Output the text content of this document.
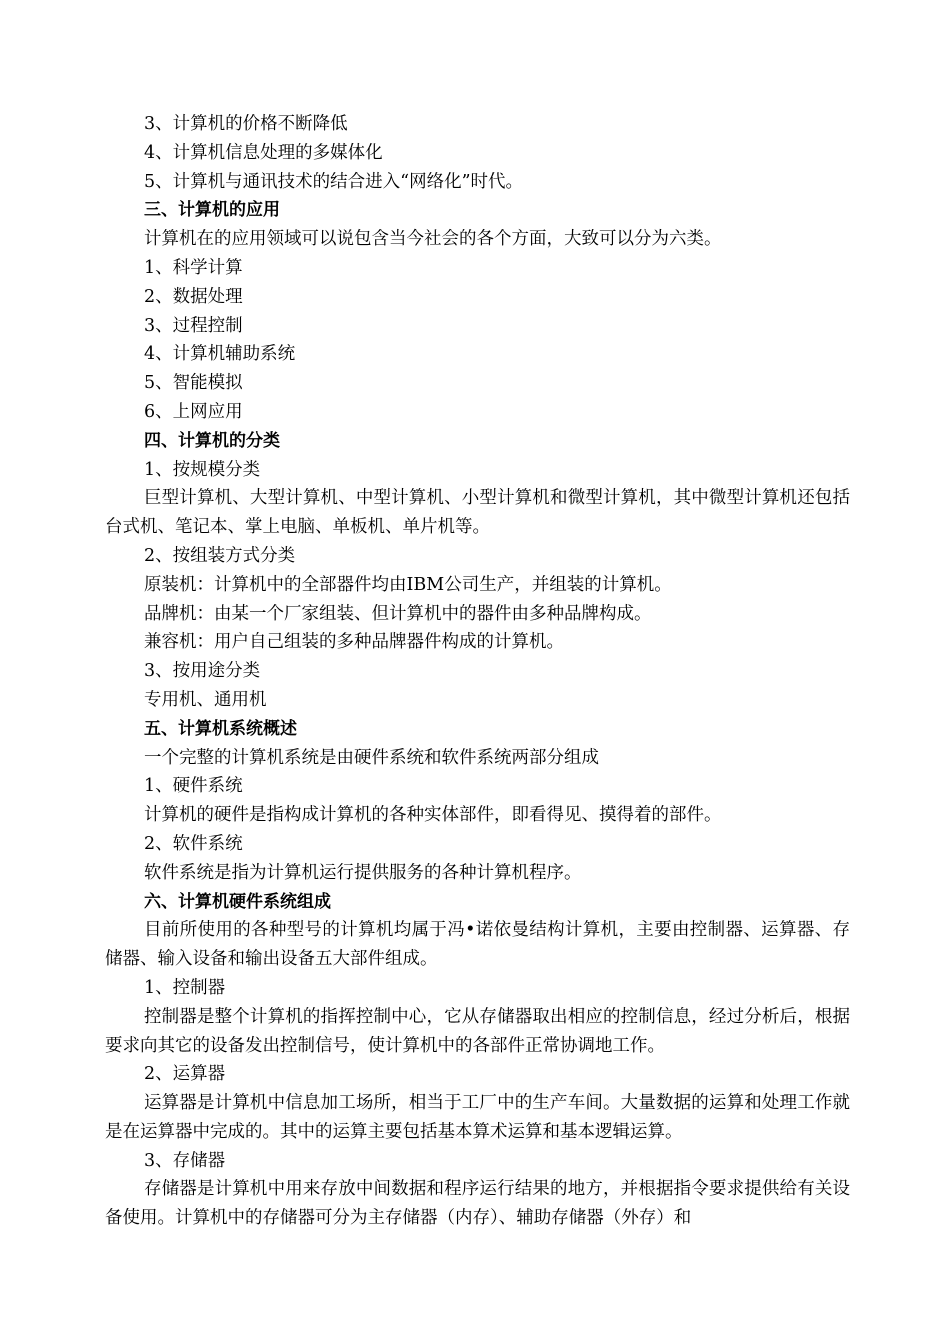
3、计算机的价格不断降低

4、计算机信息处理的多媒体化

5、计算机与通讯技术的结合进入“网络化”时代。

三、计算机的应用

计算机在的应用领域可以说包含当今社会的各个方面，大致可以分为六类。

1、科学计算

2、数据处理

3、过程控制

4、计算机辅助系统

5、智能模拟

6、上网应用

四、计算机的分类

1、按规模分类

巨型计算机、大型计算机、中型计算机、小型计算机和微型计算机，其中微型计算机还包括台式机、笔记本、掌上电脑、单板机、单片机等。

2、按组装方式分类

原装机：计算机中的全部器件均由IBM公司生产，并组装的计算机。

品牌机：由某一个厂家组装、但计算机中的器件由多种品牌构成。

兼容机：用户自己组装的多种品牌器件构成的计算机。

3、按用途分类

专用机、通用机

五、计算机系统概述

一个完整的计算机系统是由硬件系统和软件系统两部分组成

1、硬件系统

计算机的硬件是指构成计算机的各种实体部件，即看得见、摸得着的部件。

2、软件系统

软件系统是指为计算机运行提供服务的各种计算机程序。

六、计算机硬件系统组成

目前所使用的各种型号的计算机均属于冯•诺依曼结构计算机，主要由控制器、运算器、存储器、输入设备和输出设备五大部件组成。

1、控制器

控制器是整个计算机的指挥控制中心，它从存储器取出相应的控制信息，经过分析后，根据要求向其它的设备发出控制信号，使计算机中的各部件正常协调地工作。

2、运算器

运算器是计算机中信息加工场所，相当于工厂中的生产车间。大量数据的运算和处理工作就是在运算器中完成的。其中的运算主要包括基本算术运算和基本逻辑运算。

3、存储器

存储器是计算机中用来存放中间数据和程序运行结果的地方，并根据指令要求提供给有关设备使用。计算机中的存储器可分为主存储器（内存）、辅助存储器（外存）和
